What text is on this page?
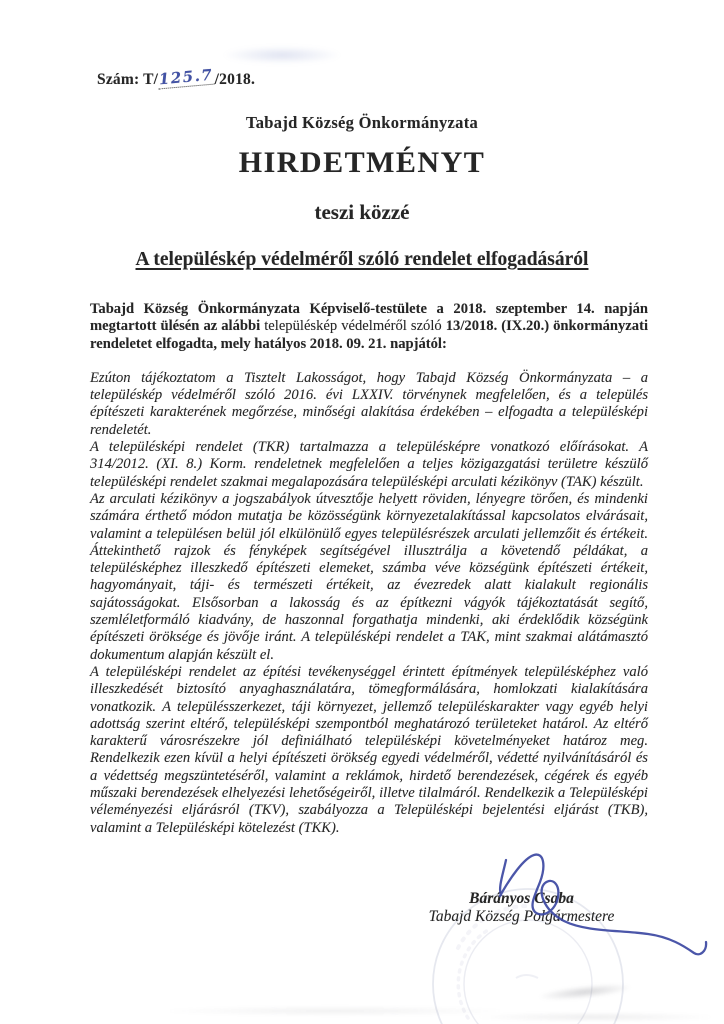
Szám: T/125.7/2018.
Tabajd Község Önkormányzata
HIRDETMÉNYT
teszi közzé
A településkép védelméről szóló rendelet elfogadásáról

Tabajd Község Önkormányzata Képviselő-testülete a 2018. szeptember 14. napján megtartott ülésén az alábbi településkép védelméről szóló 13/2018. (IX.20.) önkormányzati rendeletet elfogadta, mely hatályos 2018. 09. 21. napjától:

Ezúton tájékoztatom a Tisztelt Lakosságot, hogy Tabajd Község Önkormányzata – a településkép védelméről szóló 2016. évi LXXIV. törvénynek megfelelően, és a település építészeti karakterének megőrzése, minőségi alakítása érdekében – elfogadta a településképi rendeletét.

A településképi rendelet (TKR) tartalmazza a településképre vonatkozó előírásokat. A 314/2012. (XI. 8.) Korm. rendeletnek megfelelően a teljes közigazgatási területre készülő településképi rendelet szakmai megalapozására településképi arculati kézikönyv (TAK) készült.

Az arculati kézikönyv a jogszabályok útvesztője helyett röviden, lényegre törően, és mindenki számára érthető módon mutatja be közösségünk környezetalakítással kapcsolatos elvárásait, valamint a településen belül jól elkülönülő egyes településrészek arculati jellemzőit és értékeit. Áttekinthető rajzok és fényképek segítségével illusztrálja a követendő példákat, a településképhez illeszkedő építészeti elemeket, számba véve községünk építészeti értékeit, hagyományait, táji- és természeti értékeit, az évezredek alatt kialakult regionális sajátosságokat. Elsősorban a lakosság és az építkezni vágyók tájékoztatását segítő, szemléletformáló kiadvány, de haszonnal forgathatja mindenki, aki érdeklődik községünk építészeti öröksége és jövője iránt. A településképi rendelet a TAK, mint szakmai alátámasztó dokumentum alapján készült el.

A településképi rendelet az építési tevékenységgel érintett építmények településképhez való illeszkedését biztosító anyaghasználatára, tömegformálására, homlokzati kialakítására vonatkozik. A településszerkezet, táji környezet, jellemző településkarakter vagy egyéb helyi adottság szerint eltérő, településképi szempontból meghatározó területeket határol. Az eltérő karakterű városrészekre jól definiálható településképi követelményeket határoz meg. Rendelkezik ezen kívül a helyi építészeti örökség egyedi védelméről, védetté nyilvánításáról és a védettség megszüntetéséről, valamint a reklámok, hirdető berendezések, cégérek és egyéb műszaki berendezések elhelyezési lehetőségeiről, illetve tilalmáról. Rendelkezik a Településképi véleményezési eljárásról (TKV), szabályozza a Településképi bejelentési eljárást (TKB), valamint a Településképi kötelezést (TKK).

Bárányos Csaba
Tabajd Község Polgármestere
